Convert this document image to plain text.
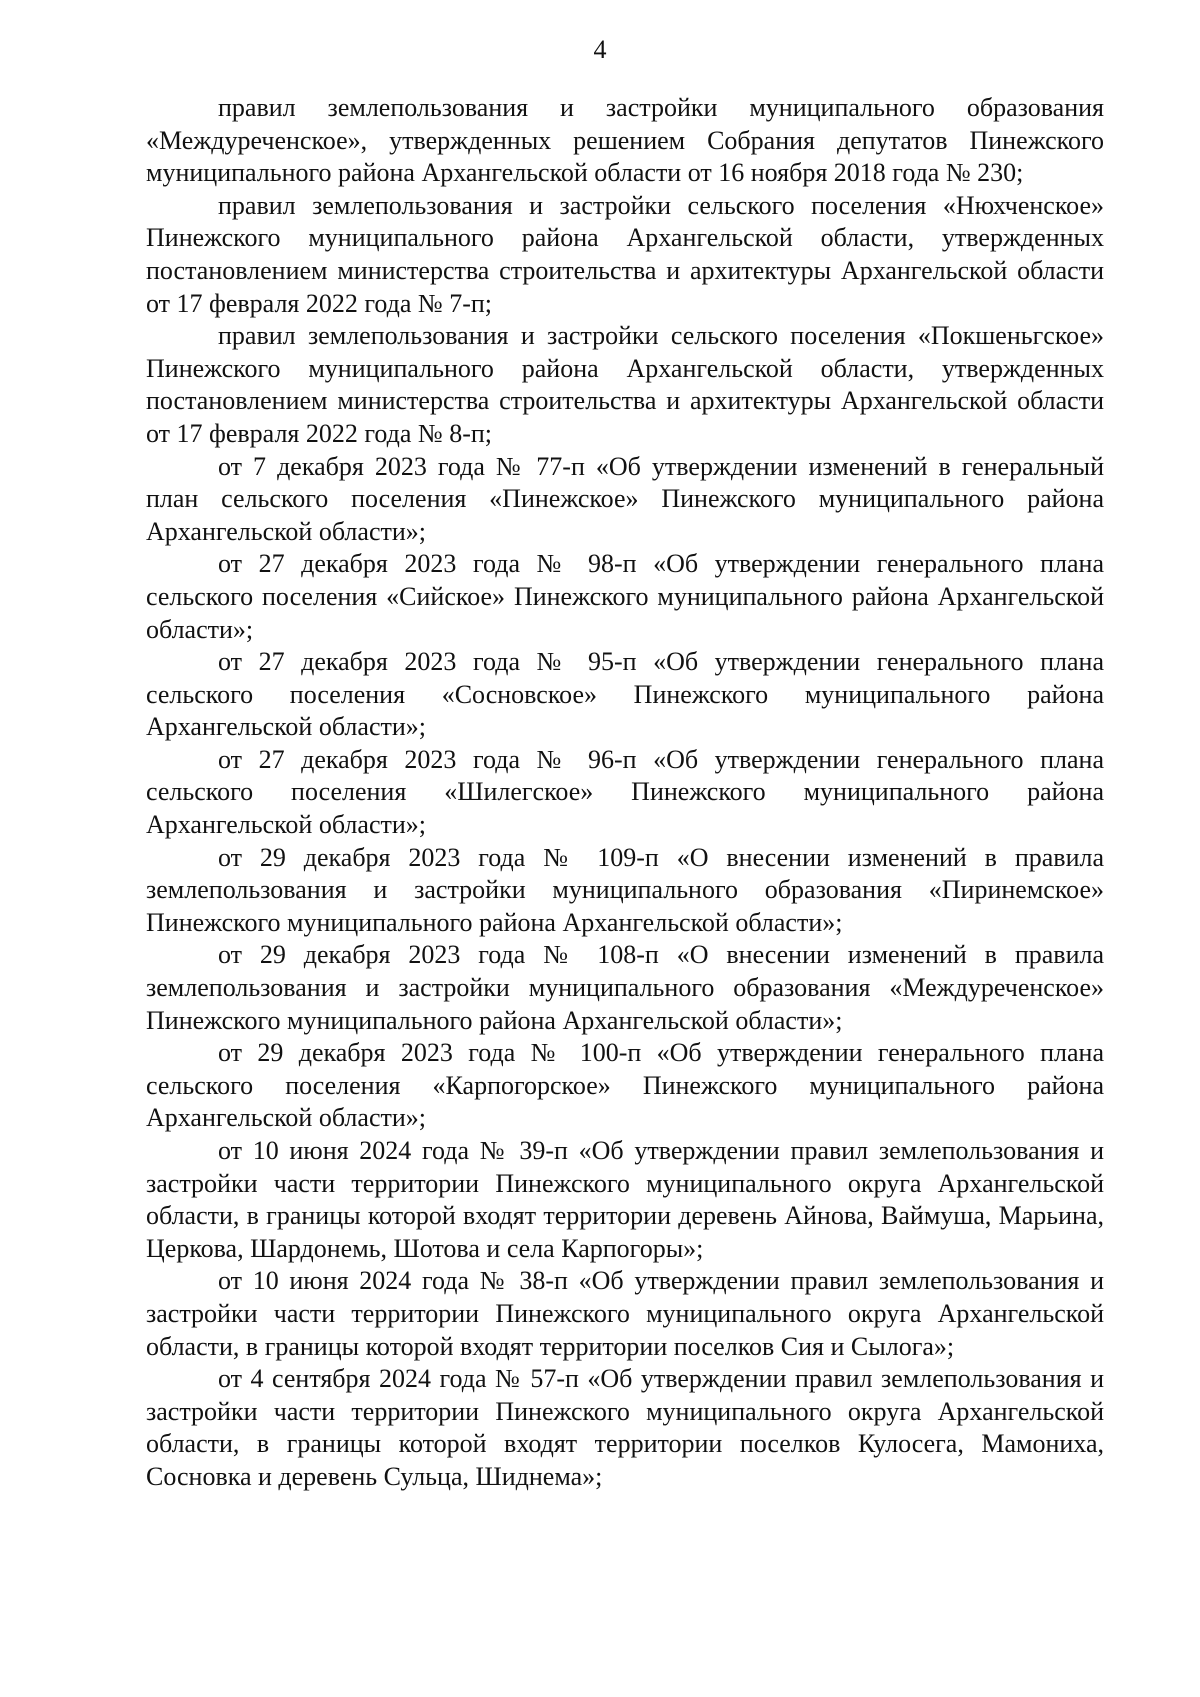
4

правил землепользования и застройки муниципального образования «Междуреченское», утвержденных решением Собрания депутатов Пинежского муниципального района Архангельской области от 16 ноября 2018 года № 230;

правил землепользования и застройки сельского поселения «Нюхченское» Пинежского муниципального района Архангельской области, утвержденных постановлением министерства строительства и архитектуры Архангельской области от 17 февраля 2022 года № 7-п;

правил землепользования и застройки сельского поселения «Покшеньгское» Пинежского муниципального района Архангельской области, утвержденных постановлением министерства строительства и архитектуры Архангельской области от 17 февраля 2022 года № 8-п;

от 7 декабря 2023 года № 77-п «Об утверждении изменений в генеральный план сельского поселения «Пинежское» Пинежского муниципального района Архангельской области»;

от 27 декабря 2023 года № 98-п «Об утверждении генерального плана сельского поселения «Сийское» Пинежского муниципального района Архангельской области»;

от 27 декабря 2023 года № 95-п «Об утверждении генерального плана сельского поселения «Сосновское» Пинежского муниципального района Архангельской области»;

от 27 декабря 2023 года № 96-п «Об утверждении генерального плана сельского поселения «Шилегское» Пинежского муниципального района Архангельской области»;

от 29 декабря 2023 года № 109-п «О внесении изменений в правила землепользования и застройки муниципального образования «Пиринемское» Пинежского муниципального района Архангельской области»;

от 29 декабря 2023 года № 108-п «О внесении изменений в правила землепользования и застройки муниципального образования «Междуреченское» Пинежского муниципального района Архангельской области»;

от 29 декабря 2023 года № 100-п «Об утверждении генерального плана сельского поселения «Карпогорское» Пинежского муниципального района Архангельской области»;

от 10 июня 2024 года № 39-п «Об утверждении правил землепользования и застройки части территории Пинежского муниципального округа Архангельской области, в границы которой входят территории деревень Айнова, Ваймуша, Марьина, Церкова, Шардонемь, Шотова и села Карпогоры»;

от 10 июня 2024 года № 38-п «Об утверждении правил землепользования и застройки части территории Пинежского муниципального округа Архангельской области, в границы которой входят территории поселков Сия и Сылога»;

от 4 сентября 2024 года № 57-п «Об утверждении правил землепользования и застройки части территории Пинежского муниципального округа Архангельской области, в границы которой входят территории поселков Кулосега, Мамониха, Сосновка и деревень Сульца, Шиднема»;
